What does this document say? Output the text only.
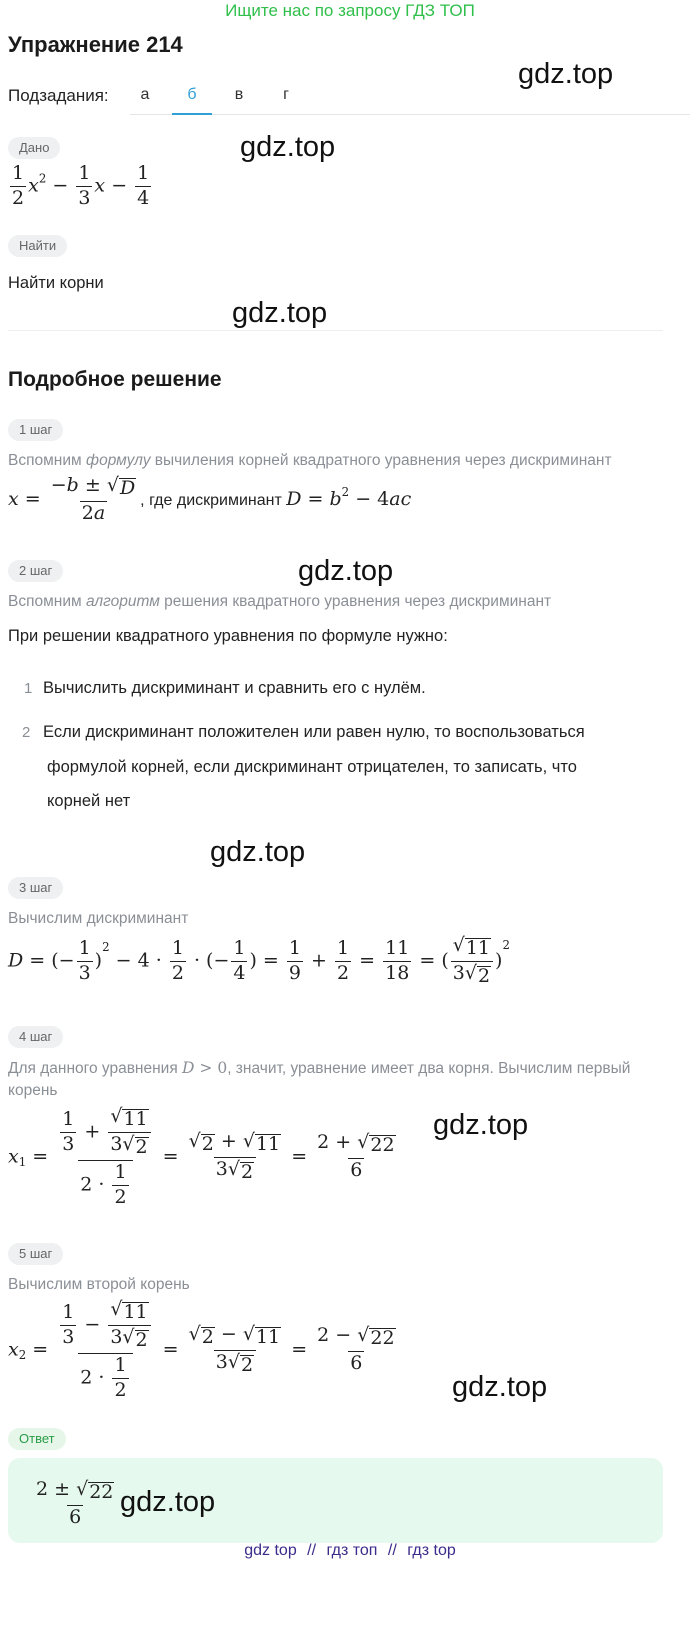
Ищите нас по запросу ГДЗ ТОП
Упражнение 214
gdz.top
gdz.top
gdz.top
gdz.top
gdz.top
gdz.top
gdz.top
Подзадания:	а	б	в	г
Дано
$\frac{1}{2} x^2 - \frac{1}{3}$ $x - \frac{1}{4}$
Найти
Найти корни
Подробное решение
1 шаг
Вспомним формулу вычиления корней квадратного уравнения через дискриминант
$x = \frac{-b \pm √ D}{2a}$ , где дискриминант $D = b^2 - 4ac$
2 шаг
Вспомним алгоритм решения квадратного уравнения через дискриминант
При решении квадратного уравнения по формуле нужно:
1 Вычислить дискриминант и сравнить его с нулём.
2 Если дискриминант положителен или равен нулю, то воспользоваться
формулой корней, если дискриминант отрицателен, то записать, что
корней нет
3 шаг
Вычислим дискриминант
D = (− $\frac{1}{3} )^2 - 4 \cdot \frac{1}{2}$ · (− $\frac{1}{4}$ ) = $\frac{1}{9} + \frac{1}{2} = \frac{11}{18}$ = ( $\frac{√ 11}{3 √ 2} )^2$
4 шаг
Для данного уравнения D > 0, значит, уравнение имеет два корня. Вычислим первый
корень
$x_1 = \frac{\frac{1}{3} + \frac{√ 11}{3 √ 2}}{2 \cdot \frac{1}{2}} = \frac{√ 2 + √ 11}{3 √ 2} = \frac{2 + √ 22}{6}$
5 шаг
Вычислим второй корень
$x_2 = \frac{\frac{1}{3} - \frac{√ 11}{3 √ 2}}{2 \cdot \frac{1}{2}} = \frac{√ 2 - √ 11}{3 √ 2} = \frac{2 - √ 22}{6}$
Ответ
$\frac{2 \pm √ 22}{6} gdz.top$
gdz top // гдз топ // гдз top
